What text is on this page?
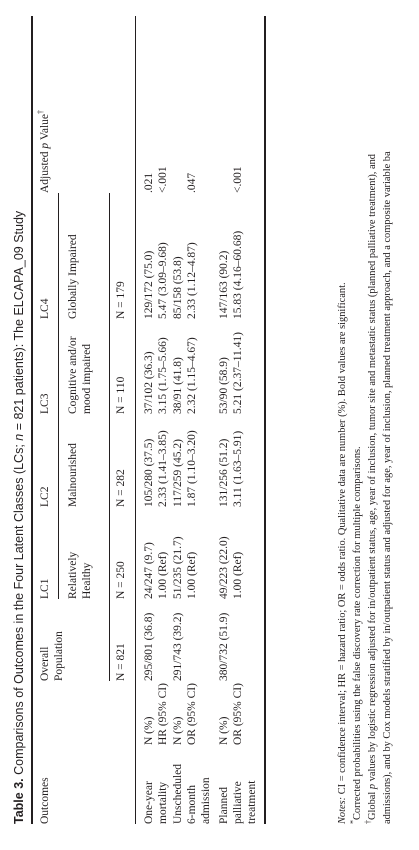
Table 3. Comparisons of Outcomes in the Four Latent Classes (LCs; n = 821 patients): The ELCAPA_09 Study
Outcomes
Overall Population
LC1
LC2
LC3
LC4
Adjusted p Value†
Relatively Healthy
Malnourished
Cognitive and/or mood impaired
Globally Impaired
N = 821
N = 250
N = 282
N = 110
N = 179
One-year mortality
N (%) HR (95% CI)
295/801 (36.8)
24/247 (9.7) 1.00 (Ref)
105/280 (37.5) 2.33 (1.41–3.85)
37/102 (36.3) 3.15 (1.75–5.66)
129/172 (75.0) 5.47 (3.09–9.68)
.021 <.001
Unscheduled 6-month admission
N (%) OR (95% CI)
291/743 (39.2)
51/235 (21.7) 1.00 (Ref)
117/259 (45.2) 1.87 (1.10–3.20)
38/91 (41.8) 2.32 (1.15–4.67)
85/158 (53.8) 2.33 (1.12–4.87)
.047
Planned palliative treatment
N (%) OR (95% CI)
380/732 (51.9)
49/223 (22.0) 1.00 (Ref)
131/256 (51.2) 3.11 (1.63–5.91)
53/90 (58.9) 5.21 (2.37–11.41)
147/163 (90.2) 15.83 (4.16–60.68)
<.001
Notes: CI = confidence interval; HR = hazard ratio; OR = odds ratio. Qualitative data are number (%). Bold values are significant.
*Corrected probabilities using the false discovery rate correction for multiple comparisons.
†Global p values by logistic regression adjusted for in/outpatient status, age, year of inclusion, tumor site and metastatic status (planned palliative treatment), and admissions), and by Cox models stratified by in/outpatient status and adjusted for age, year of inclusion, planned treatment approach, and a composite variable ba
